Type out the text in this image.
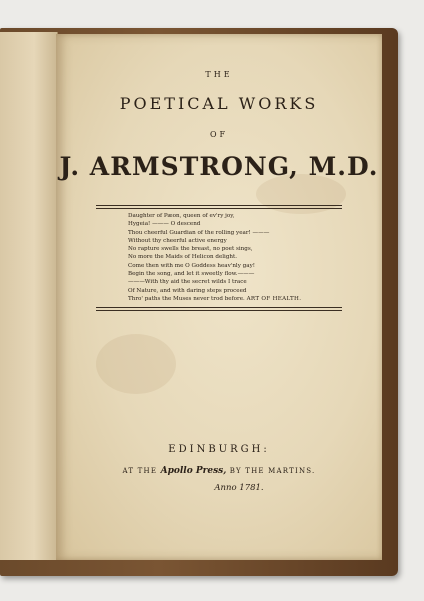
THE

POETICAL WORKS

OF

J. ARMSTRONG, M.D.

Daughter of Pæon, queen of ev'ry joy,
Hygeia! ——— O descend
Thou cheerful Guardian of the rolling year! ———
Without thy cheerful active energy
No rapture swells the breast, no poet sings,
No more the Maids of Helicon delight.
Come then with me O Goddess heav'nly gay!
Begin the song, and let it sweetly flow.———
———With thy aid the secret wilds I trace
Of Nature, and with daring steps proceed
Thro' paths the Muses never trod before. ART OF HEALTH.

EDINBURGH:

AT THE Apollo Press, BY THE MARTINS.

Anno 1781.
